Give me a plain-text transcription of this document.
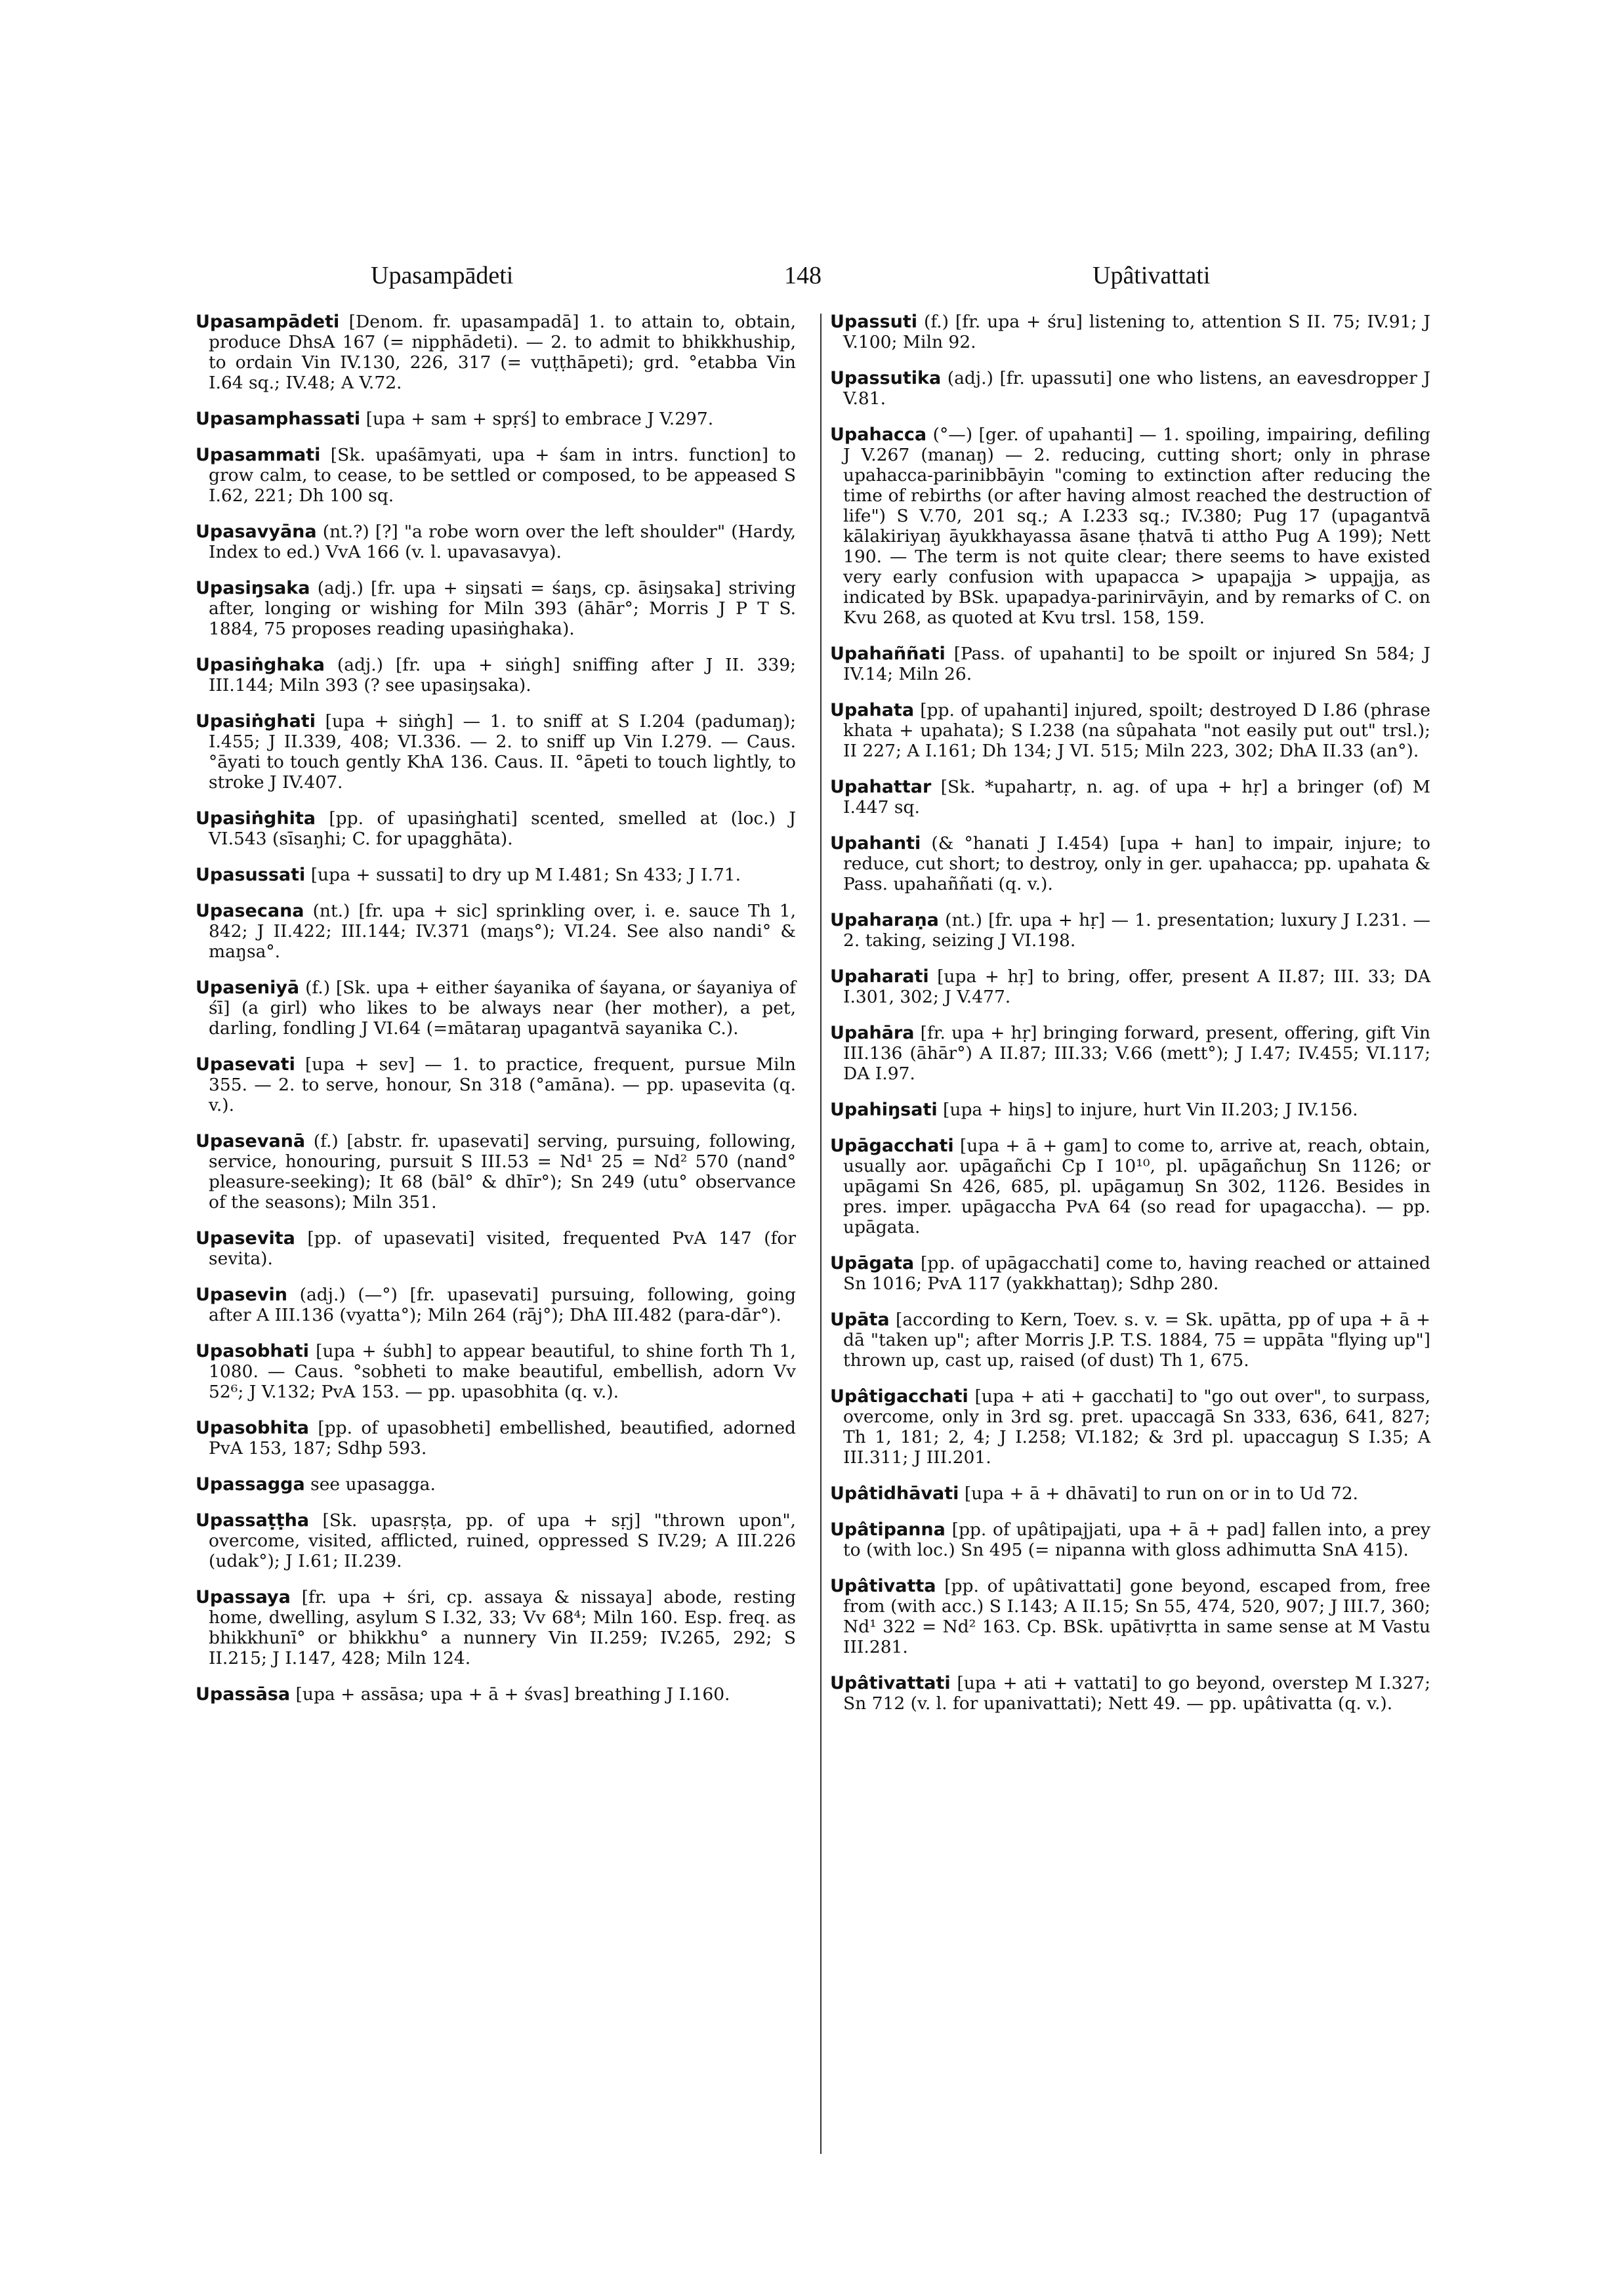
Upasampādeti	148	Upâtivattati

Upasampādeti [Denom. fr. upasampadā] 1. to attain to, obtain, produce DhsA 167 (= nipphādeti). — 2. to admit to bhikkhuship, to ordain Vin IV.130, 226, 317 (= vuṭṭhāpeti); grd. °etabba Vin I.64 sq.; IV.48; A V.72.

Upasamphassati [upa + sam + spṛś] to embrace J V.297.

Upasammati [Sk. upaśāmyati, upa + śam in intrs. function] to grow calm, to cease, to be settled or composed, to be appeased S I.62, 221; Dh 100 sq.

Upasavyāna (nt.?) [?] "a robe worn over the left shoulder" (Hardy, Index to ed.) VvA 166 (v. l. upavasavya).

Upasiŋsaka (adj.) [fr. upa + siŋsati = śaŋs, cp. āsiŋsaka] striving after, longing or wishing for Miln 393 (āhār°; Morris J P T S. 1884, 75 proposes reading upasiṅghaka).

Upasiṅghaka (adj.) [fr. upa + siṅgh] sniffing after J II. 339; III.144; Miln 393 (? see upasiŋsaka).

Upasiṅghati [upa + siṅgh] — 1. to sniff at S I.204 (padumaŋ); I.455; J II.339, 408; VI.336. — 2. to sniff up Vin I.279. — Caus. °āyati to touch gently KhA 136. Caus. II. °āpeti to touch lightly, to stroke J IV.407.

Upasiṅghita [pp. of upasiṅghati] scented, smelled at (loc.) J VI.543 (sīsaŋhi; C. for upagghāta).

Upasussati [upa + sussati] to dry up M I.481; Sn 433; J I.71.

Upasecana (nt.) [fr. upa + sic] sprinkling over, i. e. sauce Th 1, 842; J II.422; III.144; IV.371 (maŋs°); VI.24. See also nandi° & maŋsa°.

Upaseniyā (f.) [Sk. upa + either śayanika of śayana, or śayaniya of śī] (a girl) who likes to be always near (her mother), a pet, darling, fondling J VI.64 (=mātaraŋ upagantvā sayanika C.).

Upasevati [upa + sev] — 1. to practice, frequent, pursue Miln 355. — 2. to serve, honour, Sn 318 (°amāna). — pp. upasevita (q. v.).

Upasevanā (f.) [abstr. fr. upasevati] serving, pursuing, following, service, honouring, pursuit S III.53 = Nd¹ 25 = Nd² 570 (nand° pleasure-seeking); It 68 (bāl° & dhīr°); Sn 249 (utu° observance of the seasons); Miln 351.

Upasevita [pp. of upasevati] visited, frequented PvA 147 (for sevita).

Upasevin (adj.) (—°) [fr. upasevati] pursuing, following, going after A III.136 (vyatta°); Miln 264 (rāj°); DhA III.482 (para-dār°).

Upasobhati [upa + śubh] to appear beautiful, to shine forth Th 1, 1080. — Caus. °sobheti to make beautiful, embellish, adorn Vv 52⁶; J V.132; PvA 153. — pp. upasobhita (q. v.).

Upasobhita [pp. of upasobheti] embellished, beautified, adorned PvA 153, 187; Sdhp 593.

Upassagga see upasagga.

Upassaṭṭha [Sk. upasṛṣṭa, pp. of upa + sṛj] "thrown upon", overcome, visited, afflicted, ruined, oppressed S IV.29; A III.226 (udak°); J I.61; II.239.

Upassaya [fr. upa + śri, cp. assaya & nissaya] abode, resting home, dwelling, asylum S I.32, 33; Vv 68⁴; Miln 160. Esp. freq. as bhikkhunī° or bhikkhu° a nunnery Vin II.259; IV.265, 292; S II.215; J I.147, 428; Miln 124.

Upassāsa [upa + assāsa; upa + ā + śvas] breathing J I.160.

Upassuti (f.) [fr. upa + śru] listening to, attention S II. 75; IV.91; J V.100; Miln 92.

Upassutika (adj.) [fr. upassuti] one who listens, an eavesdropper J V.81.

Upahacca (°—) [ger. of upahanti] — 1. spoiling, impairing, defiling J V.267 (manaŋ) — 2. reducing, cutting short; only in phrase upahacca-parinibbāyin "coming to extinction after reducing the time of rebirths (or after having almost reached the destruction of life") S V.70, 201 sq.; A I.233 sq.; IV.380; Pug 17 (upagantvā kālakiriyaŋ āyukkhayassa āsane ṭhatvā ti attho Pug A 199); Nett 190. — The term is not quite clear; there seems to have existed very early confusion with upapacca > upapajja > uppajja, as indicated by BSk. upapadya-parinirvāyin, and by remarks of C. on Kvu 268, as quoted at Kvu trsl. 158, 159.

Upahaññati [Pass. of upahanti] to be spoilt or injured Sn 584; J IV.14; Miln 26.

Upahata [pp. of upahanti] injured, spoilt; destroyed D I.86 (phrase khata + upahata); S I.238 (na sûpahata "not easily put out" trsl.); II 227; A I.161; Dh 134; J VI. 515; Miln 223, 302; DhA II.33 (an°).

Upahattar [Sk. *upahartṛ, n. ag. of upa + hṛ] a bringer (of) M I.447 sq.

Upahanti (& °hanati J I.454) [upa + han] to impair, injure; to reduce, cut short; to destroy, only in ger. upahacca; pp. upahata & Pass. upahaññati (q. v.).

Upaharaṇa (nt.) [fr. upa + hṛ] — 1. presentation; luxury J I.231. — 2. taking, seizing J VI.198.

Upaharati [upa + hṛ] to bring, offer, present A II.87; III. 33; DA I.301, 302; J V.477.

Upahāra [fr. upa + hṛ] bringing forward, present, offering, gift Vin III.136 (āhār°) A II.87; III.33; V.66 (mett°); J I.47; IV.455; VI.117; DA I.97.

Upahiŋsati [upa + hiŋs] to injure, hurt Vin II.203; J IV.156.

Upāgacchati [upa + ā + gam] to come to, arrive at, reach, obtain, usually aor. upāgañchi Cp I 10¹⁰, pl. upāgañchuŋ Sn 1126; or upāgami Sn 426, 685, pl. upāgamuŋ Sn 302, 1126. Besides in pres. imper. upāgaccha PvA 64 (so read for upagaccha). — pp. upāgata.

Upāgata [pp. of upāgacchati] come to, having reached or attained Sn 1016; PvA 117 (yakkhattaŋ); Sdhp 280.

Upāta [according to Kern, Toev. s. v. = Sk. upātta, pp of upa + ā + dā "taken up"; after Morris J.P. T.S. 1884, 75 = uppāta "flying up"] thrown up, cast up, raised (of dust) Th 1, 675.

Upâtigacchati [upa + ati + gacchati] to "go out over", to surpass, overcome, only in 3rd sg. pret. upaccagā Sn 333, 636, 641, 827; Th 1, 181; 2, 4; J I.258; VI.182; & 3rd pl. upaccaguŋ S I.35; A III.311; J III.201.

Upâtidhāvati [upa + ā + dhāvati] to run on or in to Ud 72.

Upâtipanna [pp. of upâtipajjati, upa + ā + pad] fallen into, a prey to (with loc.) Sn 495 (= nipanna with gloss adhimutta SnA 415).

Upâtivatta [pp. of upâtivattati] gone beyond, escaped from, free from (with acc.) S I.143; A II.15; Sn 55, 474, 520, 907; J III.7, 360; Nd¹ 322 = Nd² 163. Cp. BSk. upātivṛtta in same sense at M Vastu III.281.

Upâtivattati [upa + ati + vattati] to go beyond, overstep M I.327; Sn 712 (v. l. for upanivattati); Nett 49. — pp. upâtivatta (q. v.).
